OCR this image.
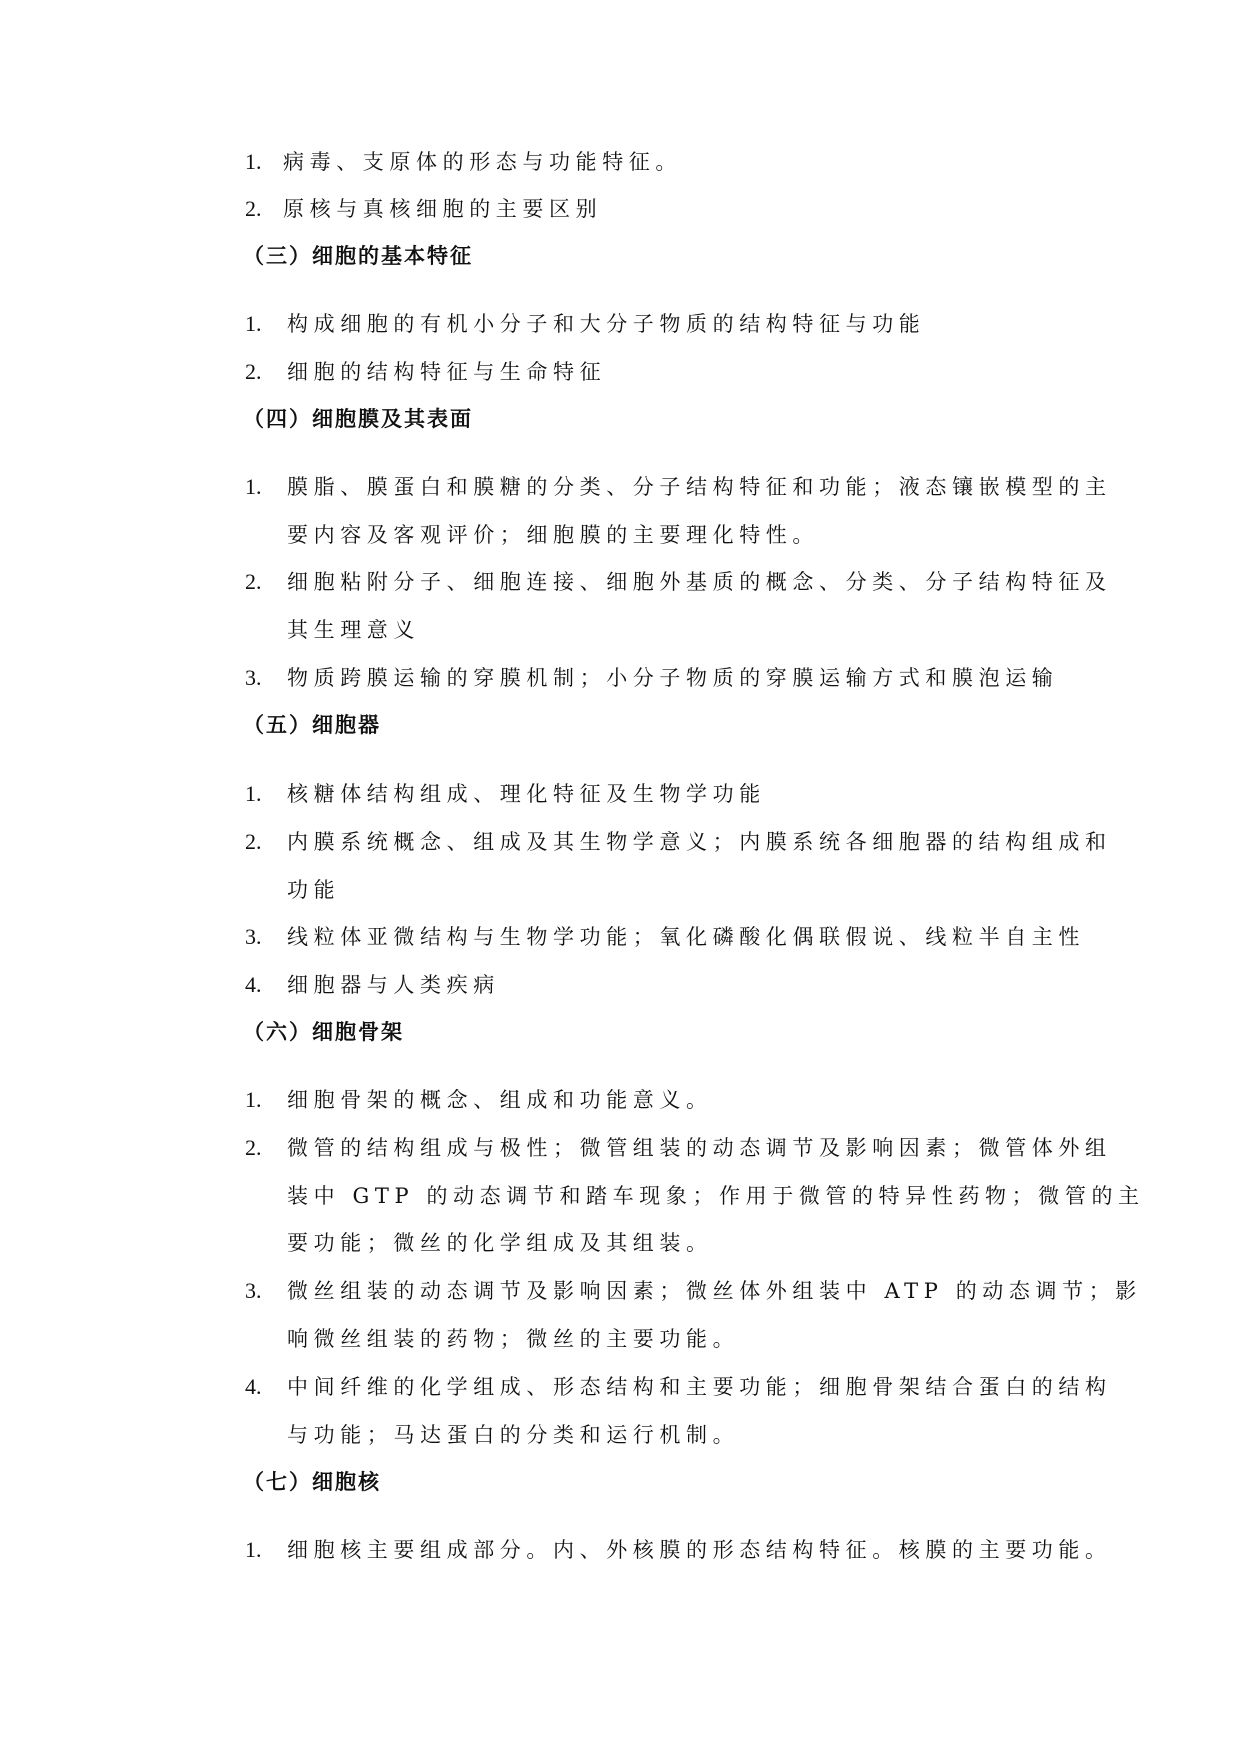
1. 病毒、支原体的形态与功能特征。
2. 原核与真核细胞的主要区别
（三）细胞的基本特征
1. 构成细胞的有机小分子和大分子物质的结构特征与功能
2. 细胞的结构特征与生命特征
（四）细胞膜及其表面
1. 膜脂、膜蛋白和膜糖的分类、分子结构特征和功能；液态镶嵌模型的主
要内容及客观评价；细胞膜的主要理化特性。
2. 细胞粘附分子、细胞连接、细胞外基质的概念、分类、分子结构特征及
其生理意义
3. 物质跨膜运输的穿膜机制；小分子物质的穿膜运输方式和膜泡运输
（五）细胞器
1. 核糖体结构组成、理化特征及生物学功能
2. 内膜系统概念、组成及其生物学意义；内膜系统各细胞器的结构组成和
功能
3. 线粒体亚微结构与生物学功能；氧化磷酸化偶联假说、线粒半自主性
4. 细胞器与人类疾病
（六）细胞骨架
1. 细胞骨架的概念、组成和功能意义。
2. 微管的结构组成与极性；微管组装的动态调节及影响因素；微管体外组
装中 GTP 的动态调节和踏车现象；作用于微管的特异性药物；微管的主
要功能；微丝的化学组成及其组装。
3. 微丝组装的动态调节及影响因素；微丝体外组装中 ATP 的动态调节；影
响微丝组装的药物；微丝的主要功能。
4. 中间纤维的化学组成、形态结构和主要功能；细胞骨架结合蛋白的结构
与功能；马达蛋白的分类和运行机制。
（七）细胞核
1. 细胞核主要组成部分。内、外核膜的形态结构特征。核膜的主要功能。
